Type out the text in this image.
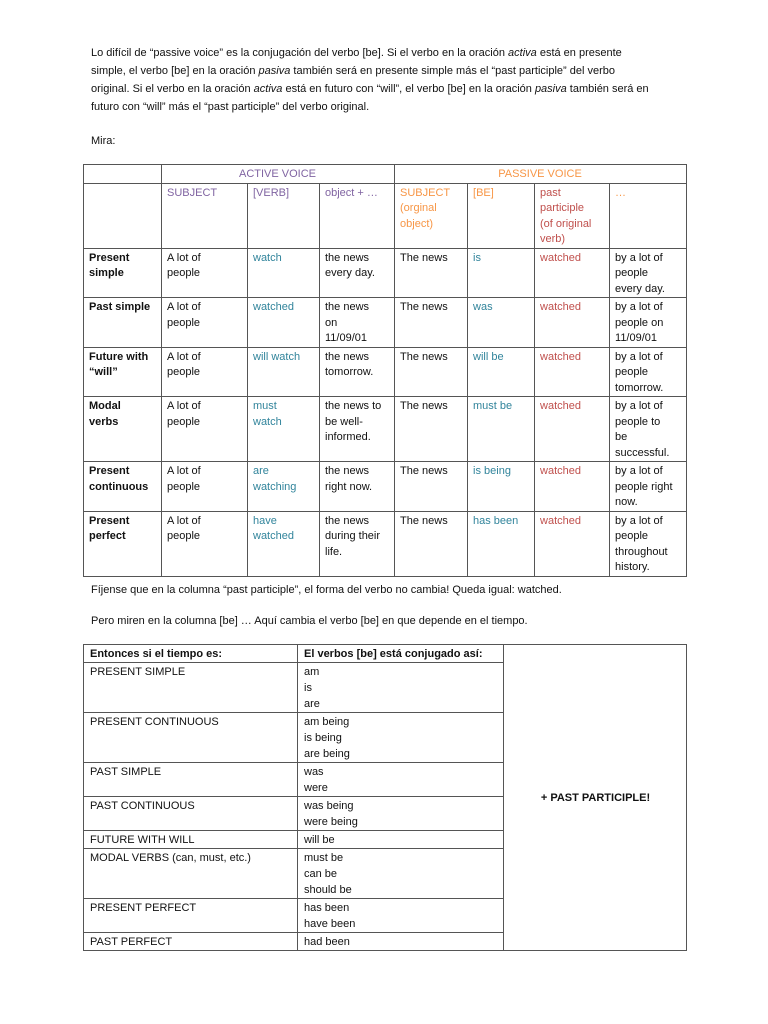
Lo difícil de “passive voice” es la conjugación del verbo [be]. Si el verbo en la oración activa está en presente
simple, el verbo [be] en la oración pasiva también será en presente simple más el “past participle” del verbo
original. Si el verbo en la oración activa está en futuro con “will”, el verbo [be] en la oración pasiva también será en
futuro con “will” más el “past participle” del verbo original.
Mira:
	ACTIVE VOICE			PASSIVE VOICE			
	SUBJECT	[VERB]	object + …	SUBJECT
(orginal
object)	[BE]	past
participle
(of original
verb)	…

Present
simple	A lot of
people	watch	the news
every day.	The news	is	watched	by a lot of
people
every day.

Past simple	A lot of
people	watched	the news
on
11/09/01	The news	was	watched	by a lot of
people on
11/09/01

Future with
“will”	A lot of
people	will watch	the news
tomorrow.	The news	will be	watched	by a lot of
people
tomorrow.

Modal
verbs	A lot of
people	must
watch	the news to
be well-
informed.	The news	must be	watched	by a lot of
people to
be
successful.

Present
continuous	A lot of
people	are
watching	the news
right now.	The news	is being	watched	by a lot of
people right
now.

Present
perfect	A lot of
people	have
watched	the news
during their
life.	The news	has been	watched	by a lot of
people
throughout
history.
Fíjense que en la columna “past participle”, el forma del verbo no cambia! Queda igual: watched.
Pero miren en la columna [be] … Aquí cambia el verbo [be] en que depende en el tiempo.
Entonces si el tiempo es:	El verbos [be] está conjugado así:	+ PAST PARTICIPLE!
PRESENT SIMPLE	am
is
are	

PRESENT CONTINUOUS	am being
is being
are being	

PAST SIMPLE	was
were	

PAST CONTINUOUS	was being
were being	

FUTURE WITH WILL	will be	

MODAL VERBS (can, must, etc.)	must be
can be
should be	

PRESENT PERFECT	has been
have been	

PAST PERFECT	had been	
